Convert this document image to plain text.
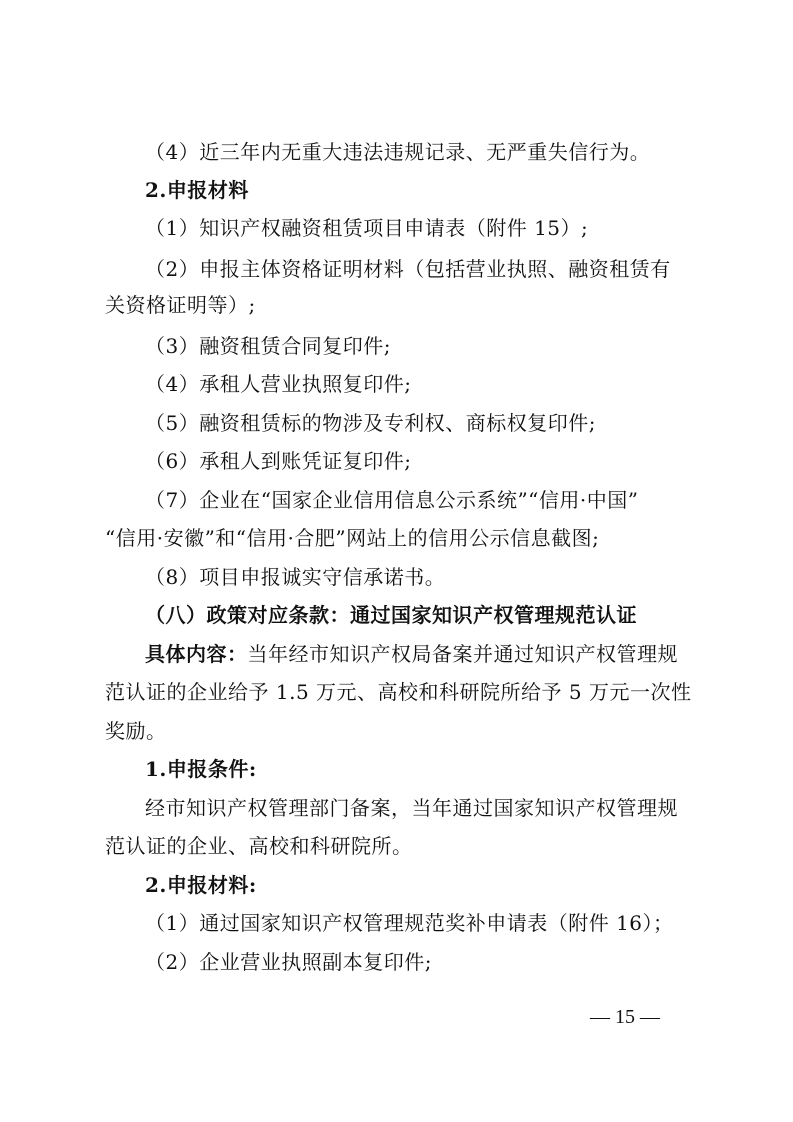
（4）近三年内无重大违法违规记录、无严重失信行为。
2.申报材料
（1）知识产权融资租赁项目申请表（附件 15）;
（2）申报主体资格证明材料（包括营业执照、融资租赁有
关资格证明等）;
（3）融资租赁合同复印件;
（4）承租人营业执照复印件;
（5）融资租赁标的物涉及专利权、商标权复印件;
（6）承租人到账凭证复印件;
（7）企业在“国家企业信用信息公示系统”“信用·中国”
“信用·安徽”和“信用·合肥”网站上的信用公示信息截图;
（8）项目申报诚实守信承诺书。
（八）政策对应条款：通过国家知识产权管理规范认证
具体内容：当年经市知识产权局备案并通过知识产权管理规
范认证的企业给予 1.5 万元、高校和科研院所给予 5 万元一次性
奖励。
1.申报条件:
经市知识产权管理部门备案，当年通过国家知识产权管理规
范认证的企业、高校和科研院所。
2.申报材料:
（1）通过国家知识产权管理规范奖补申请表（附件 16）；
（2）企业营业执照副本复印件;
— 15 —
